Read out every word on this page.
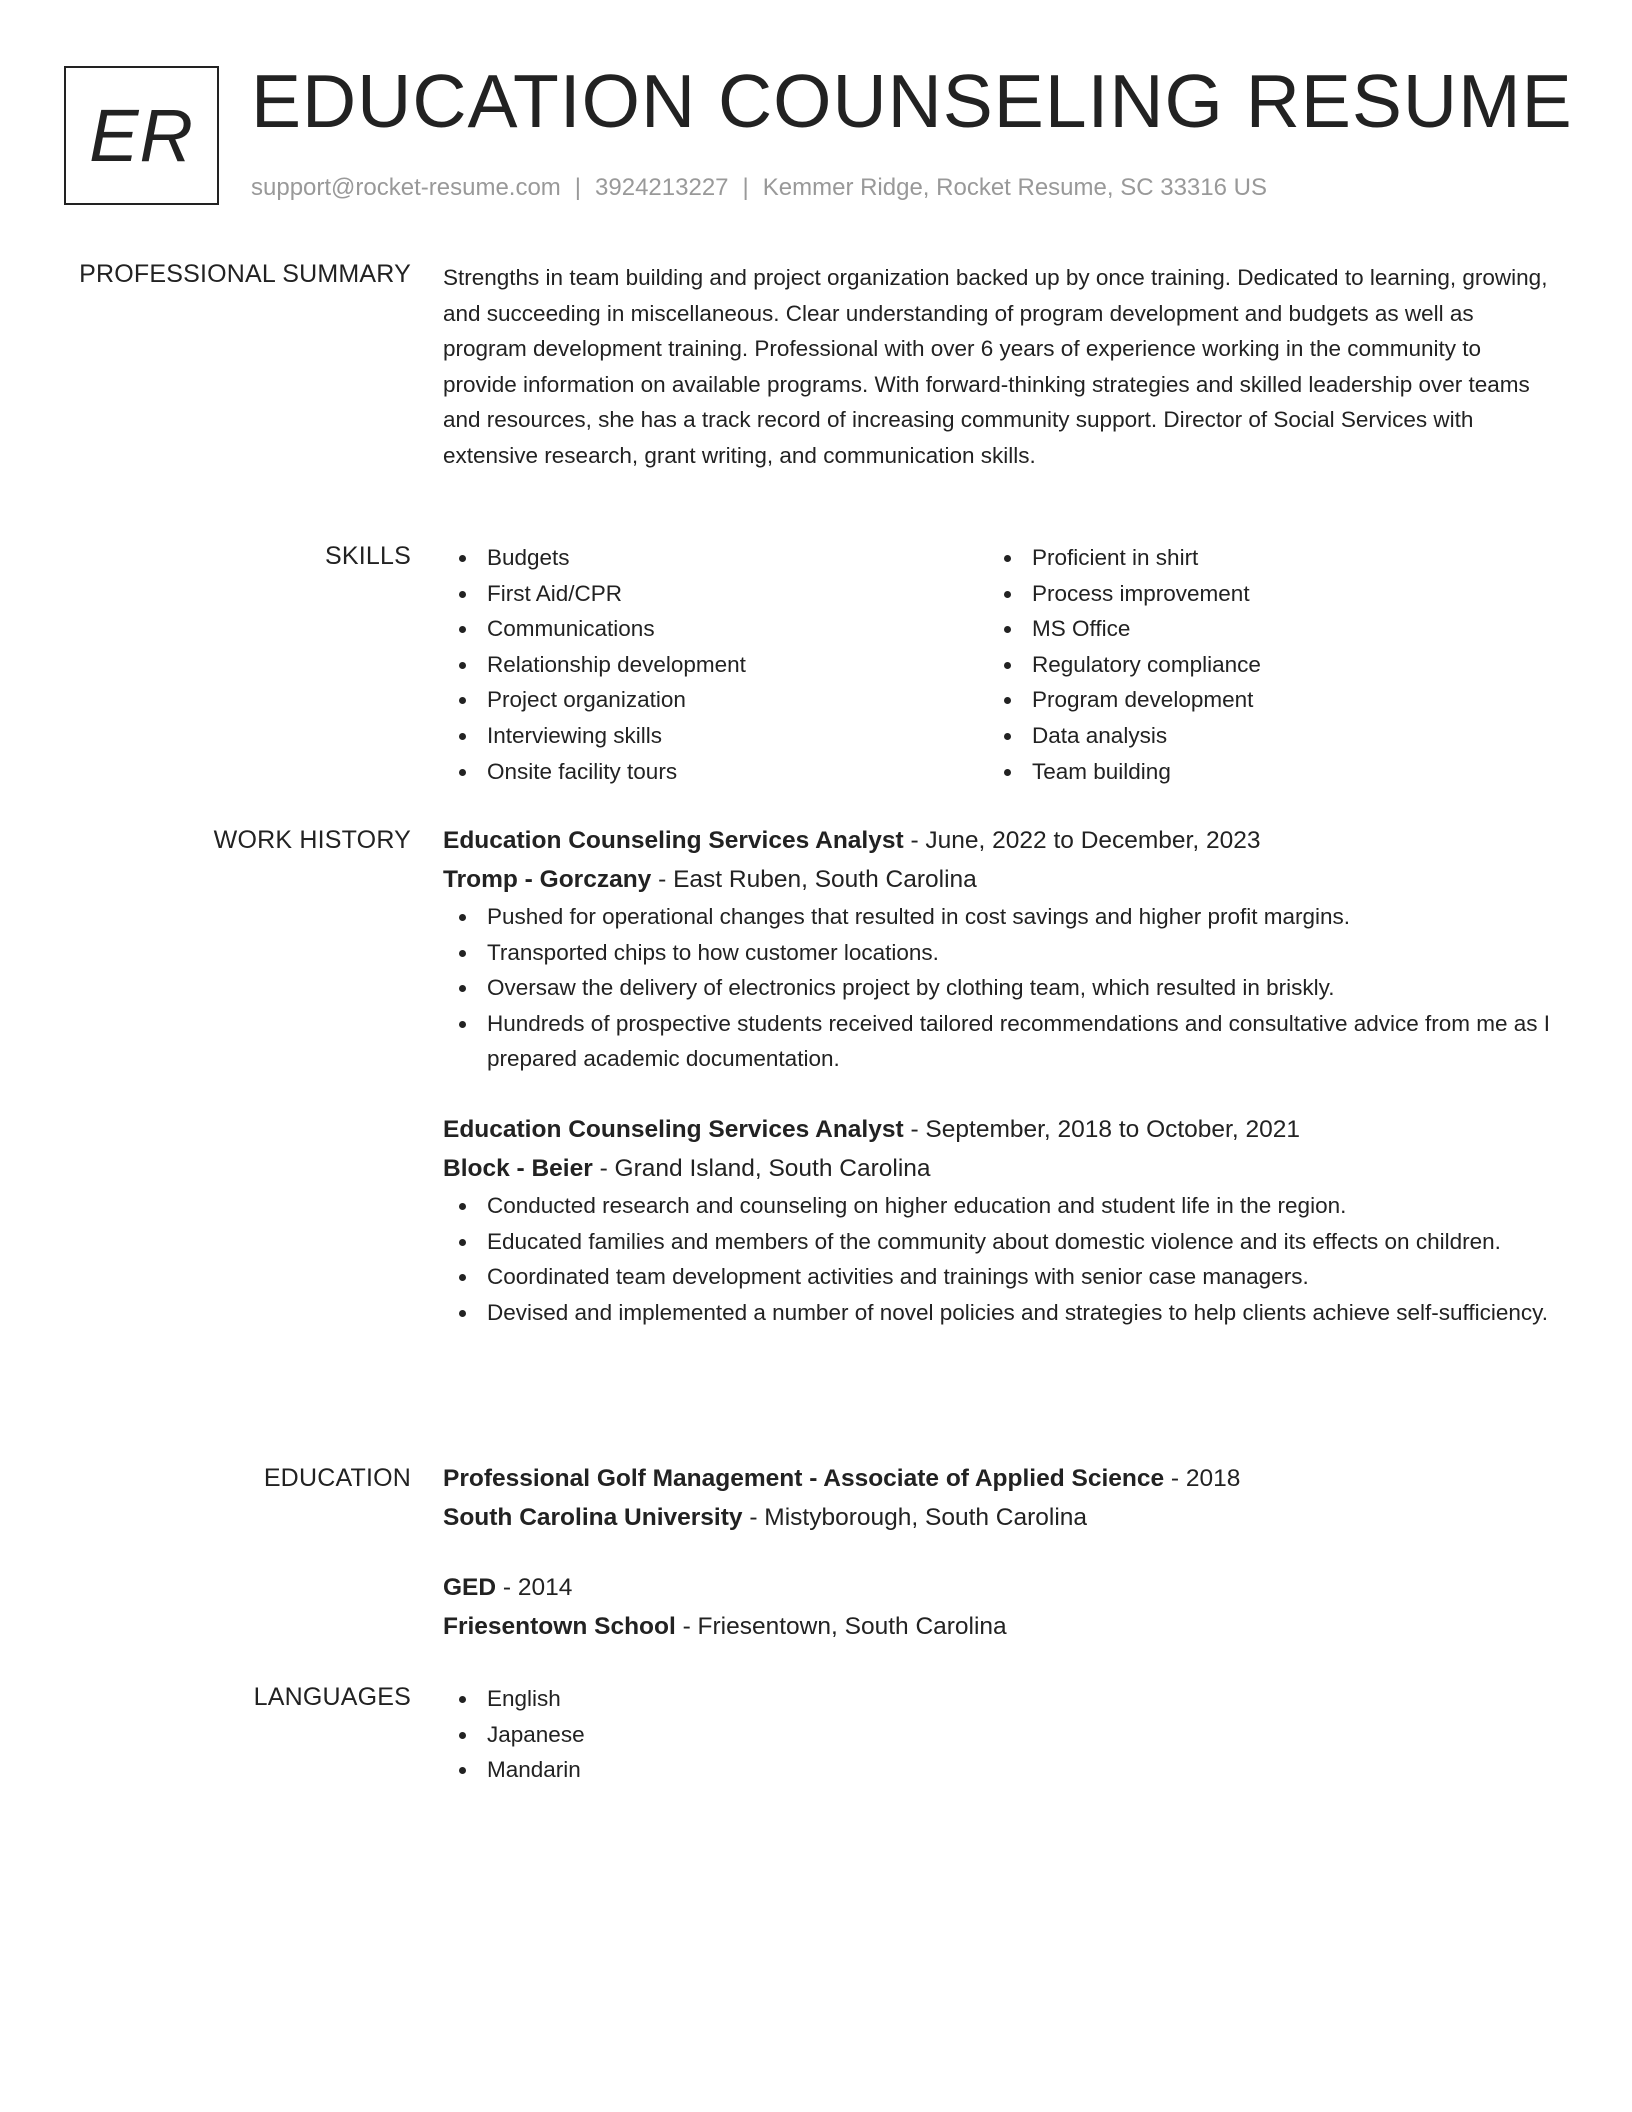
ER EDUCATION COUNSELING RESUME
support@rocket-resume.com | 3924213227 | Kemmer Ridge, Rocket Resume, SC 33316 US
PROFESSIONAL SUMMARY Strengths in team building and project organization backed up by once training. Dedicated to learning, growing, and succeeding in miscellaneous. Clear understanding of program development and budgets as well as program development training. Professional with over 6 years of experience working in the community to provide information on available programs. With forward-thinking strategies and skilled leadership over teams and resources, she has a track record of increasing community support. Director of Social Services with extensive research, grant writing, and communication skills.

SKILLS	Budgets
First Aid/CPR
Communications
Relationship development
Project organization
Interviewing skills
Onsite facility tours
Proficient in shirt
Process improvement
MS Office
Regulatory compliance
Program development
Data analysis
Team building
WORK HISTORY Education Counseling Services Analyst - June, 2022 to December, 2023
Tromp - Gorczany - East Ruben, South Carolina
Pushed for operational changes that resulted in cost savings and higher profit margins.
Transported chips to how customer locations.
Oversaw the delivery of electronics project by clothing team, which resulted in briskly.
Hundreds of prospective students received tailored recommendations and consultative advice from me as I prepared academic documentation.
Education Counseling Services Analyst - September, 2018 to October, 2021
Block - Beier - Grand Island, South Carolina
Conducted research and counseling on higher education and student life in the region.
Educated families and members of the community about domestic violence and its effects on children.
Coordinated team development activities and trainings with senior case managers.
Devised and implemented a number of novel policies and strategies to help clients achieve self-sufficiency.
EDUCATION Professional Golf Management - Associate of Applied Science - 2018
South Carolina University - Mistyborough, South Carolina
GED - 2014
Friesentown School - Friesentown, South Carolina
LANGUAGES	English
Japanese
Mandarin
